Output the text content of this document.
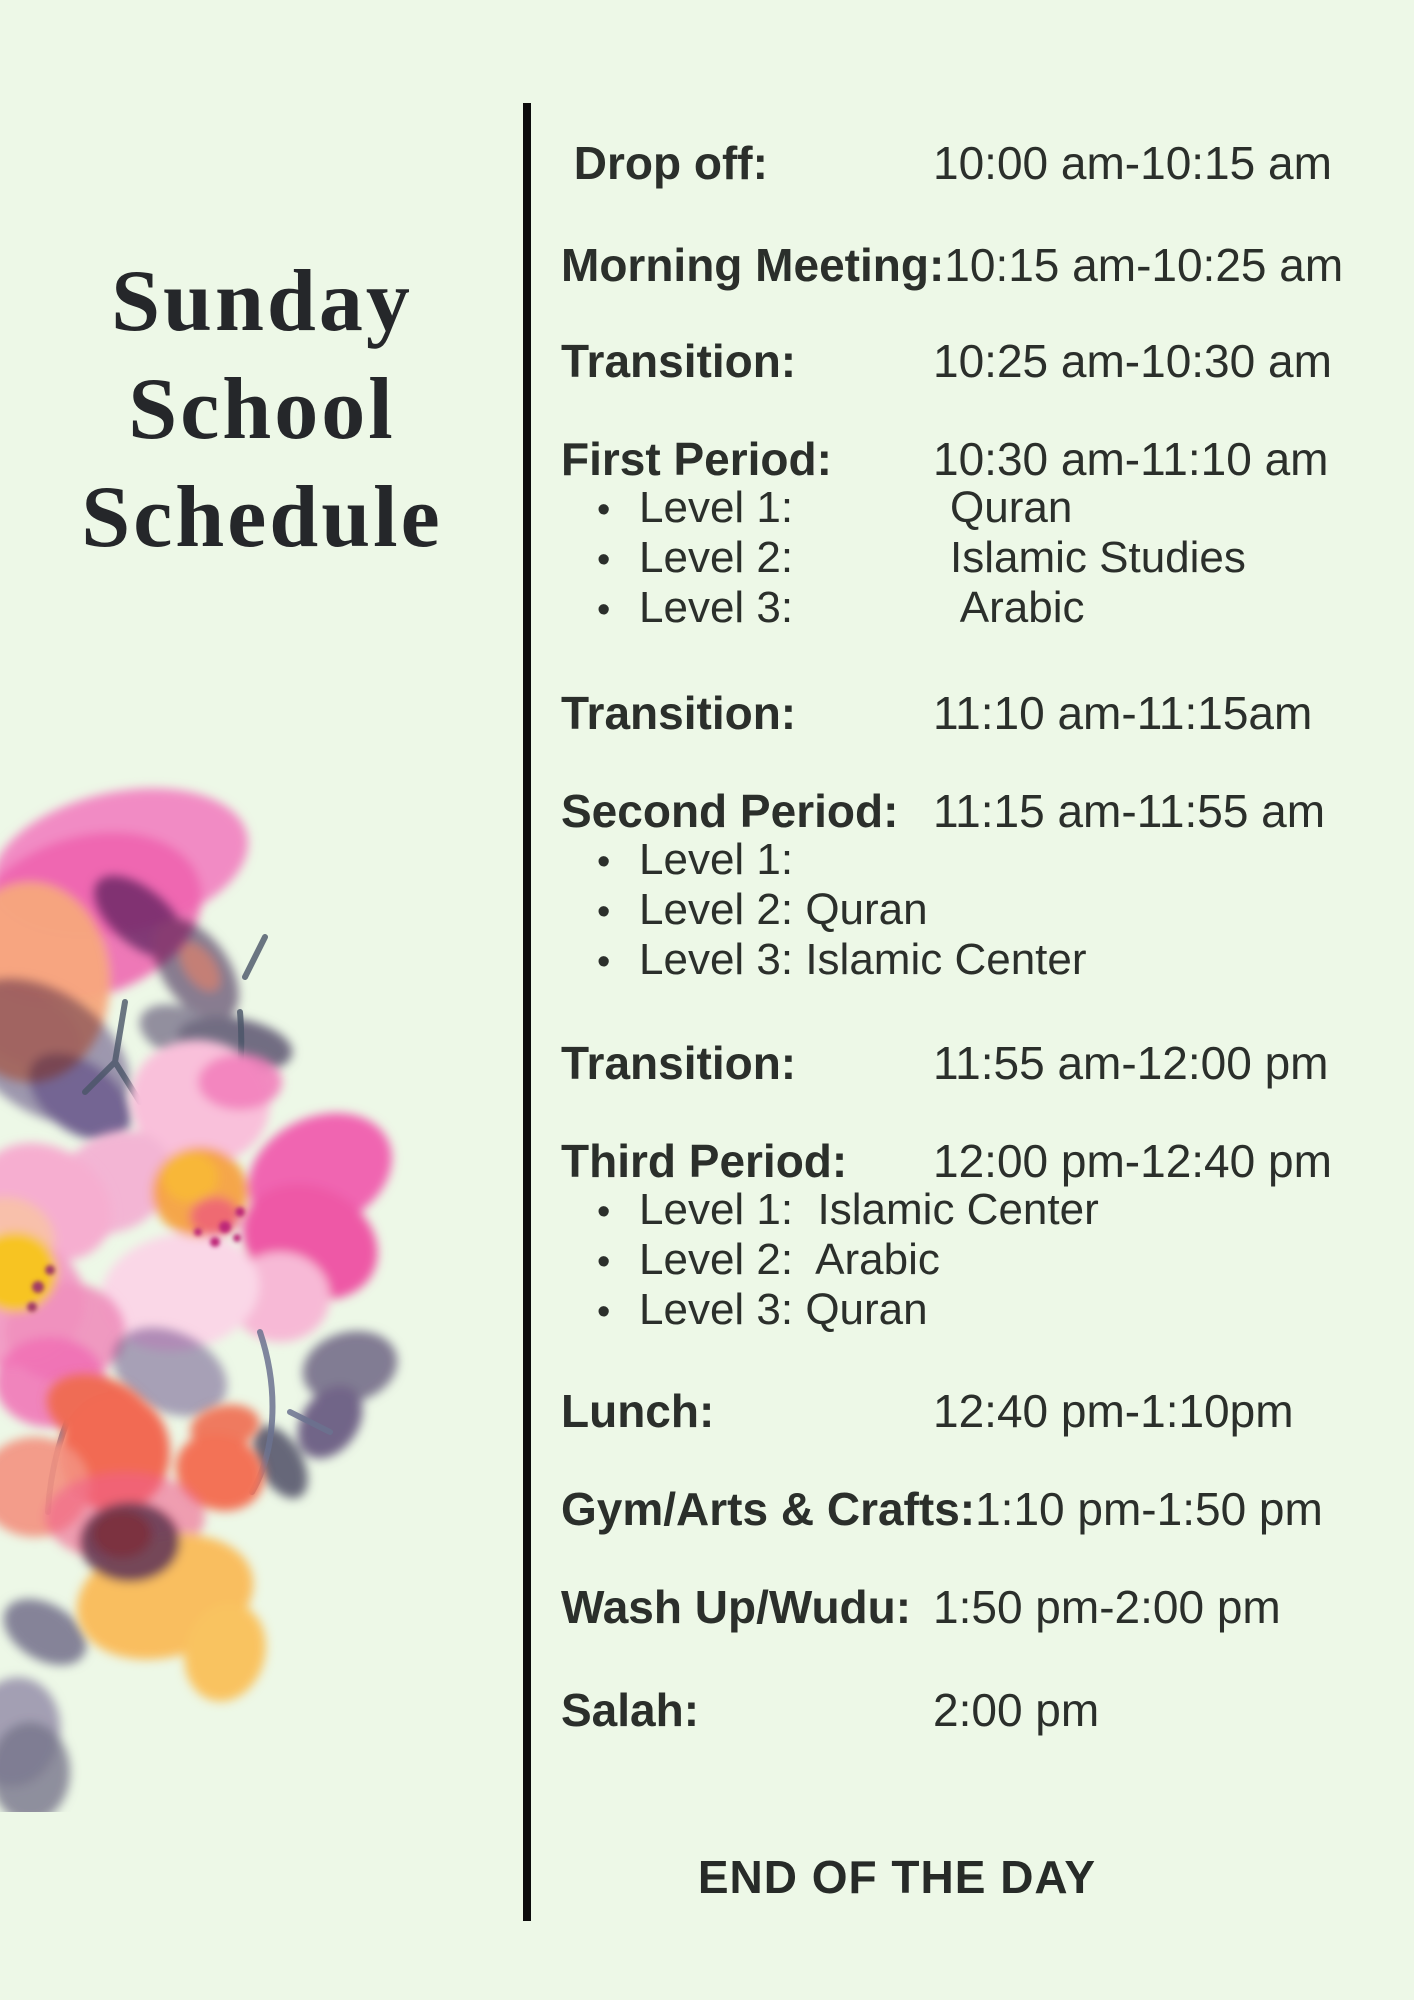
Sunday
School
Schedule
Drop off:	10:00 am-10:15 am
Morning Meeting:10:15 am-10:25 am
Transition:	10:25 am-10:30 am
First Period: 10:30 am-11:10 am
• Level 1:	Quran
• Level 2:	Islamic Studies
• Level 3:	Arabic
Transition:	11:10 am-11:15am
Second Period: 11:15 am-11:55 am
• Level 1:
• Level 2: Quran
• Level 3: Islamic Center
Transition:	11:55 am-12:00 pm
Third Period: 12:00 pm-12:40 pm
• Level 1:  Islamic Center
• Level 2:  Arabic
• Level 3: Quran
Lunch:	12:40 pm-1:10pm
Gym/Arts & Crafts:1:10 pm-1:50 pm
Wash Up/Wudu: 1:50 pm-2:00 pm
Salah:	2:00 pm
END OF THE DAY
